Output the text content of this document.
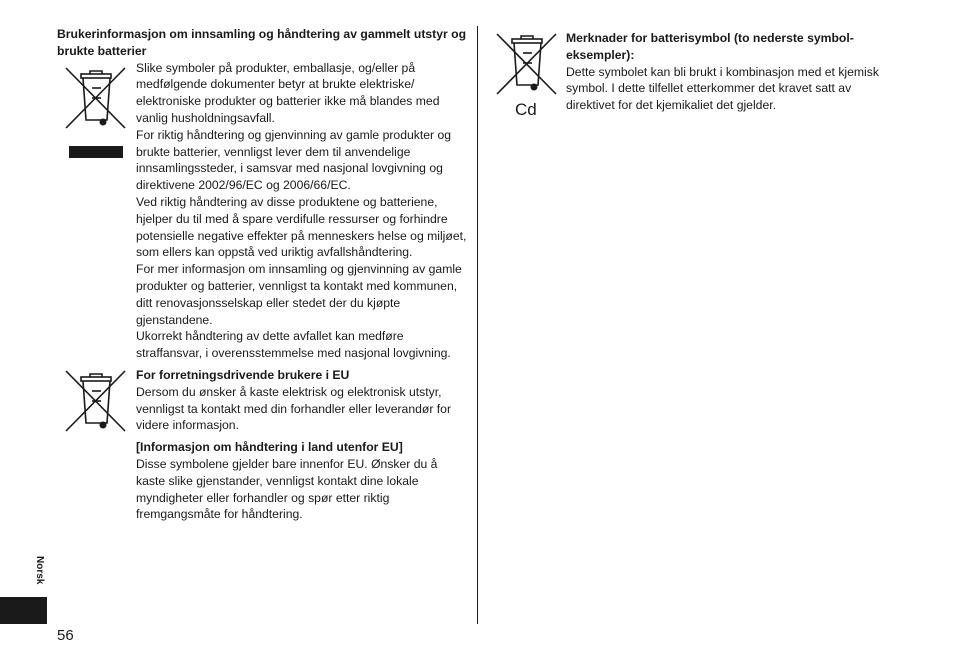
Brukerinformasjon om innsamling og håndtering av gammelt utstyr og brukte batterier

Slike symboler på produkter, emballasje, og/eller på medfølgende dokumenter betyr at brukte elektriske/ elektroniske produkter og batterier ikke må blandes med vanlig husholdningsavfall.

For riktig håndtering og gjenvinning av gamle produkter og brukte batterier, vennligst lever dem til anvendelige innsamlingssteder, i samsvar med nasjonal lovgivning og direktivene 2002/96/EC og 2006/66/EC.

Ved riktig håndtering av disse produktene og batteriene, hjelper du til med å spare verdifulle ressurser og forhindre potensielle negative effekter på menneskers helse og miljøet, som ellers kan oppstå ved uriktig avfallshåndtering.

For mer informasjon om innsamling og gjenvinning av gamle produkter og batterier, vennligst ta kontakt med kommunen, ditt renovasjonsselskap eller stedet der du kjøpte gjenstandene.

Ukorrekt håndtering av dette avfallet kan medføre straffansvar, i overensstemmelse med nasjonal lovgivning.

For forretningsdrivende brukere i EU

Dersom du ønsker å kaste elektrisk og elektronisk utstyr, vennligst ta kontakt med din forhandler eller leverandør for videre informasjon.

[Informasjon om håndtering i land utenfor EU]

Disse symbolene gjelder bare innenfor EU. Ønsker du å kaste slike gjenstander, vennligst kontakt dine lokale myndigheter eller forhandler og spør etter riktig fremgangsmåte for håndtering.

Merknader for batterisymbol (to nederste symbol-eksempler):

Dette symbolet kan bli brukt i kombinasjon med et kjemisk symbol. I dette tilfellet etterkommer det kravet satt av direktivet for det kjemikaliet det gjelder.

Cd
Norsk
56
